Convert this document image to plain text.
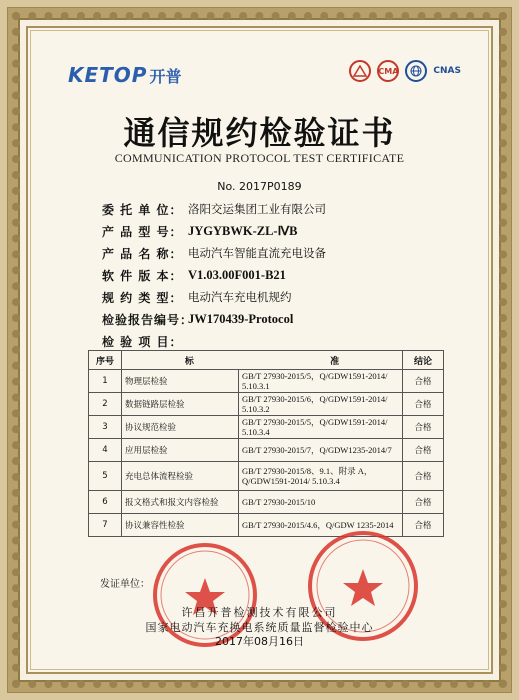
KETOP 开普	CMA	CNAS
通信规约检验证书
COMMUNICATION PROTOCOL TEST CERTIFICATE
No. 2017P0189
委 托 单 位： 洛阳交运集团工业有限公司
产 品 型 号： JYGYBWK-ZL-ⅣB
产 品 名 称： 电动汽车智能直流充电设备
软 件 版 本： V1.03.00F001-B21
规 约 类 型： 电动汽车充电机规约
检验报告编号：
JW170439-Protocol
检 验 项 目：
序号	标 准		结论
1	物理层检验	GB/T 27930-2015/5，Q/GDW1591-2014/ 5.10.3.1	合格
2	数据链路层检验	GB/T 27930-2015/6，Q/GDW1591-2014/ 5.10.3.2	合格
3	协议规范检验	GB/T 27930-2015/5，Q/GDW1591-2014/ 5.10.3.4	合格
4	应用层检验	GB/T 27930-2015/7，Q/GDW1235-2014/7	合格
5	充电总体流程检验	GB/T 27930-2015/8、9.1、附录 A，Q/GDW1591-2014/ 5.10.3.4	合格
6	报文格式和报文内容检验	GB/T 27930-2015/10	合格
7	协议兼容性检验	GB/T 27930-2015/4.6，Q/GDW 1235-2014	合格
发证单位：
许昌开普检测技术有限公司
国家电动汽车充换电系统质量监督检验中心
2017年08月16日
